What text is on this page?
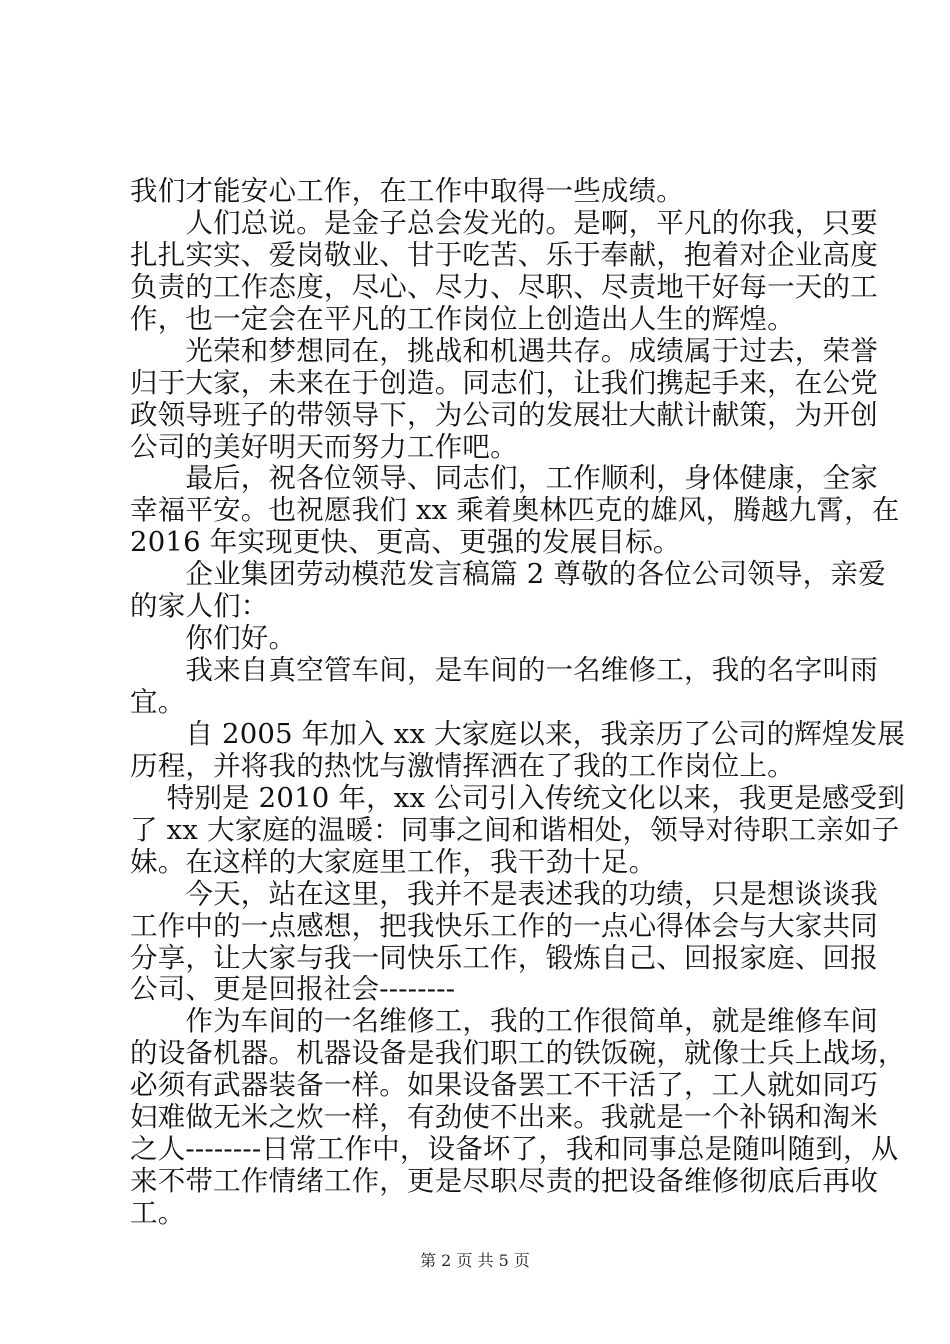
我们才能安心工作，在工作中取得一些成绩。
　　人们总说。是金子总会发光的。是啊，平凡的你我，只要
扎扎实实、爱岗敬业、甘于吃苦、乐于奉献，抱着对企业高度
负责的工作态度，尽心、尽力、尽职、尽责地干好每一天的工
作，也一定会在平凡的工作岗位上创造出人生的辉煌。
　　光荣和梦想同在，挑战和机遇共存。成绩属于过去，荣誉
归于大家，未来在于创造。同志们，让我们携起手来，在公党
政领导班子的带领导下，为公司的发展壮大献计献策，为开创
公司的美好明天而努力工作吧。
　　最后，祝各位领导、同志们，工作顺利，身体健康，全家
幸福平安。也祝愿我们 xx 乘着奥林匹克的雄风，腾越九霄，在
2016 年实现更快、更高、更强的发展目标。
　　企业集团劳动模范发言稿篇 2 尊敬的各位公司领导，亲爱
的家人们：
　　你们好。
　　我来自真空管车间，是车间的一名维修工，我的名字叫雨
宜。
　　自 2005 年加入 xx 大家庭以来，我亲历了公司的辉煌发展
历程，并将我的热忱与激情挥洒在了我的工作岗位上。
　 特别是 2010 年，xx 公司引入传统文化以来，我更是感受到
了 xx 大家庭的温暖：同事之间和谐相处，领导对待职工亲如子
妹。在这样的大家庭里工作，我干劲十足。
　　今天，站在这里，我并不是表述我的功绩，只是想谈谈我
工作中的一点感想，把我快乐工作的一点心得体会与大家共同
分享，让大家与我一同快乐工作，锻炼自己、回报家庭、回报
公司、更是回报社会--------
　　作为车间的一名维修工，我的工作很简单，就是维修车间
的设备机器。机器设备是我们职工的铁饭碗，就像士兵上战场，
必须有武器装备一样。如果设备罢工不干活了，工人就如同巧
妇难做无米之炊一样，有劲使不出来。我就是一个补锅和淘米
之人--------日常工作中，设备坏了，我和同事总是随叫随到，从
来不带工作情绪工作，更是尽职尽责的把设备维修彻底后再收
工。
第 2 页 共 5 页
